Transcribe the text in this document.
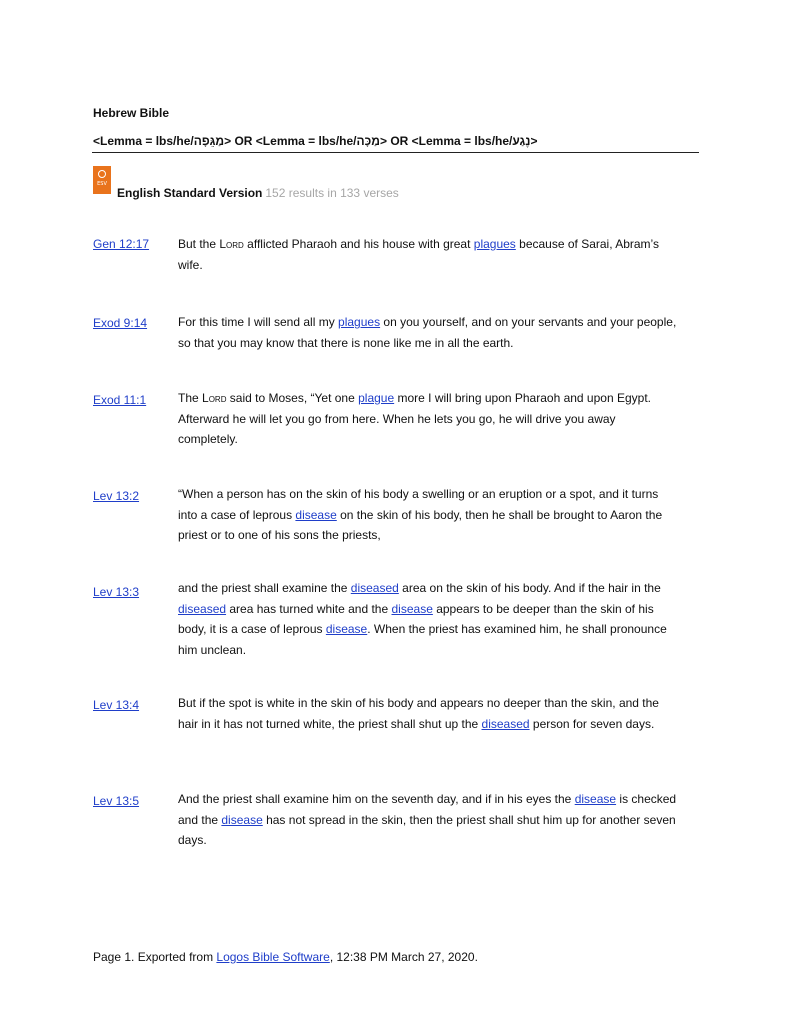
Hebrew Bible
<Lemma = lbs/he/מַגֵּפָה> OR <Lemma = lbs/he/מַכָּה> OR <Lemma = lbs/he/נֶגַע>
ESV
English Standard Version 152 results in 133 verses
Gen 12:17 But the Lord afflicted Pharaoh and his house with great plagues because of Sarai, Abram’s wife.
Exod 9:14	For this time I will send all my plagues on you yourself, and on your servants and your people, so that you may know that there is none like me in all the earth.
Exod 11:1	The Lord said to Moses, “Yet one plague more I will bring upon Pharaoh and upon Egypt. Afterward he will let you go from here. When he lets you go, he will drive you away completely.
Lev 13:2	“When a person has on the skin of his body a swelling or an eruption or a spot, and it turns into a case of leprous disease on the skin of his body, then he shall be brought to Aaron the priest or to one of his sons the priests,
Lev 13:3	and the priest shall examine the diseased area on the skin of his body. And if the hair in the diseased area has turned white and the disease appears to be deeper than the skin of his body, it is a case of leprous disease. When the priest has examined him, he shall pronounce him unclean.
Lev 13:4	But if the spot is white in the skin of his body and appears no deeper than the skin, and the hair in it has not turned white, the priest shall shut up the diseased person for seven days.
Lev 13:5	And the priest shall examine him on the seventh day, and if in his eyes the disease is checked and the disease has not spread in the skin, then the priest shall shut him up for another seven days.
Page 1. Exported from Logos Bible Software, 12:38 PM March 27, 2020.
